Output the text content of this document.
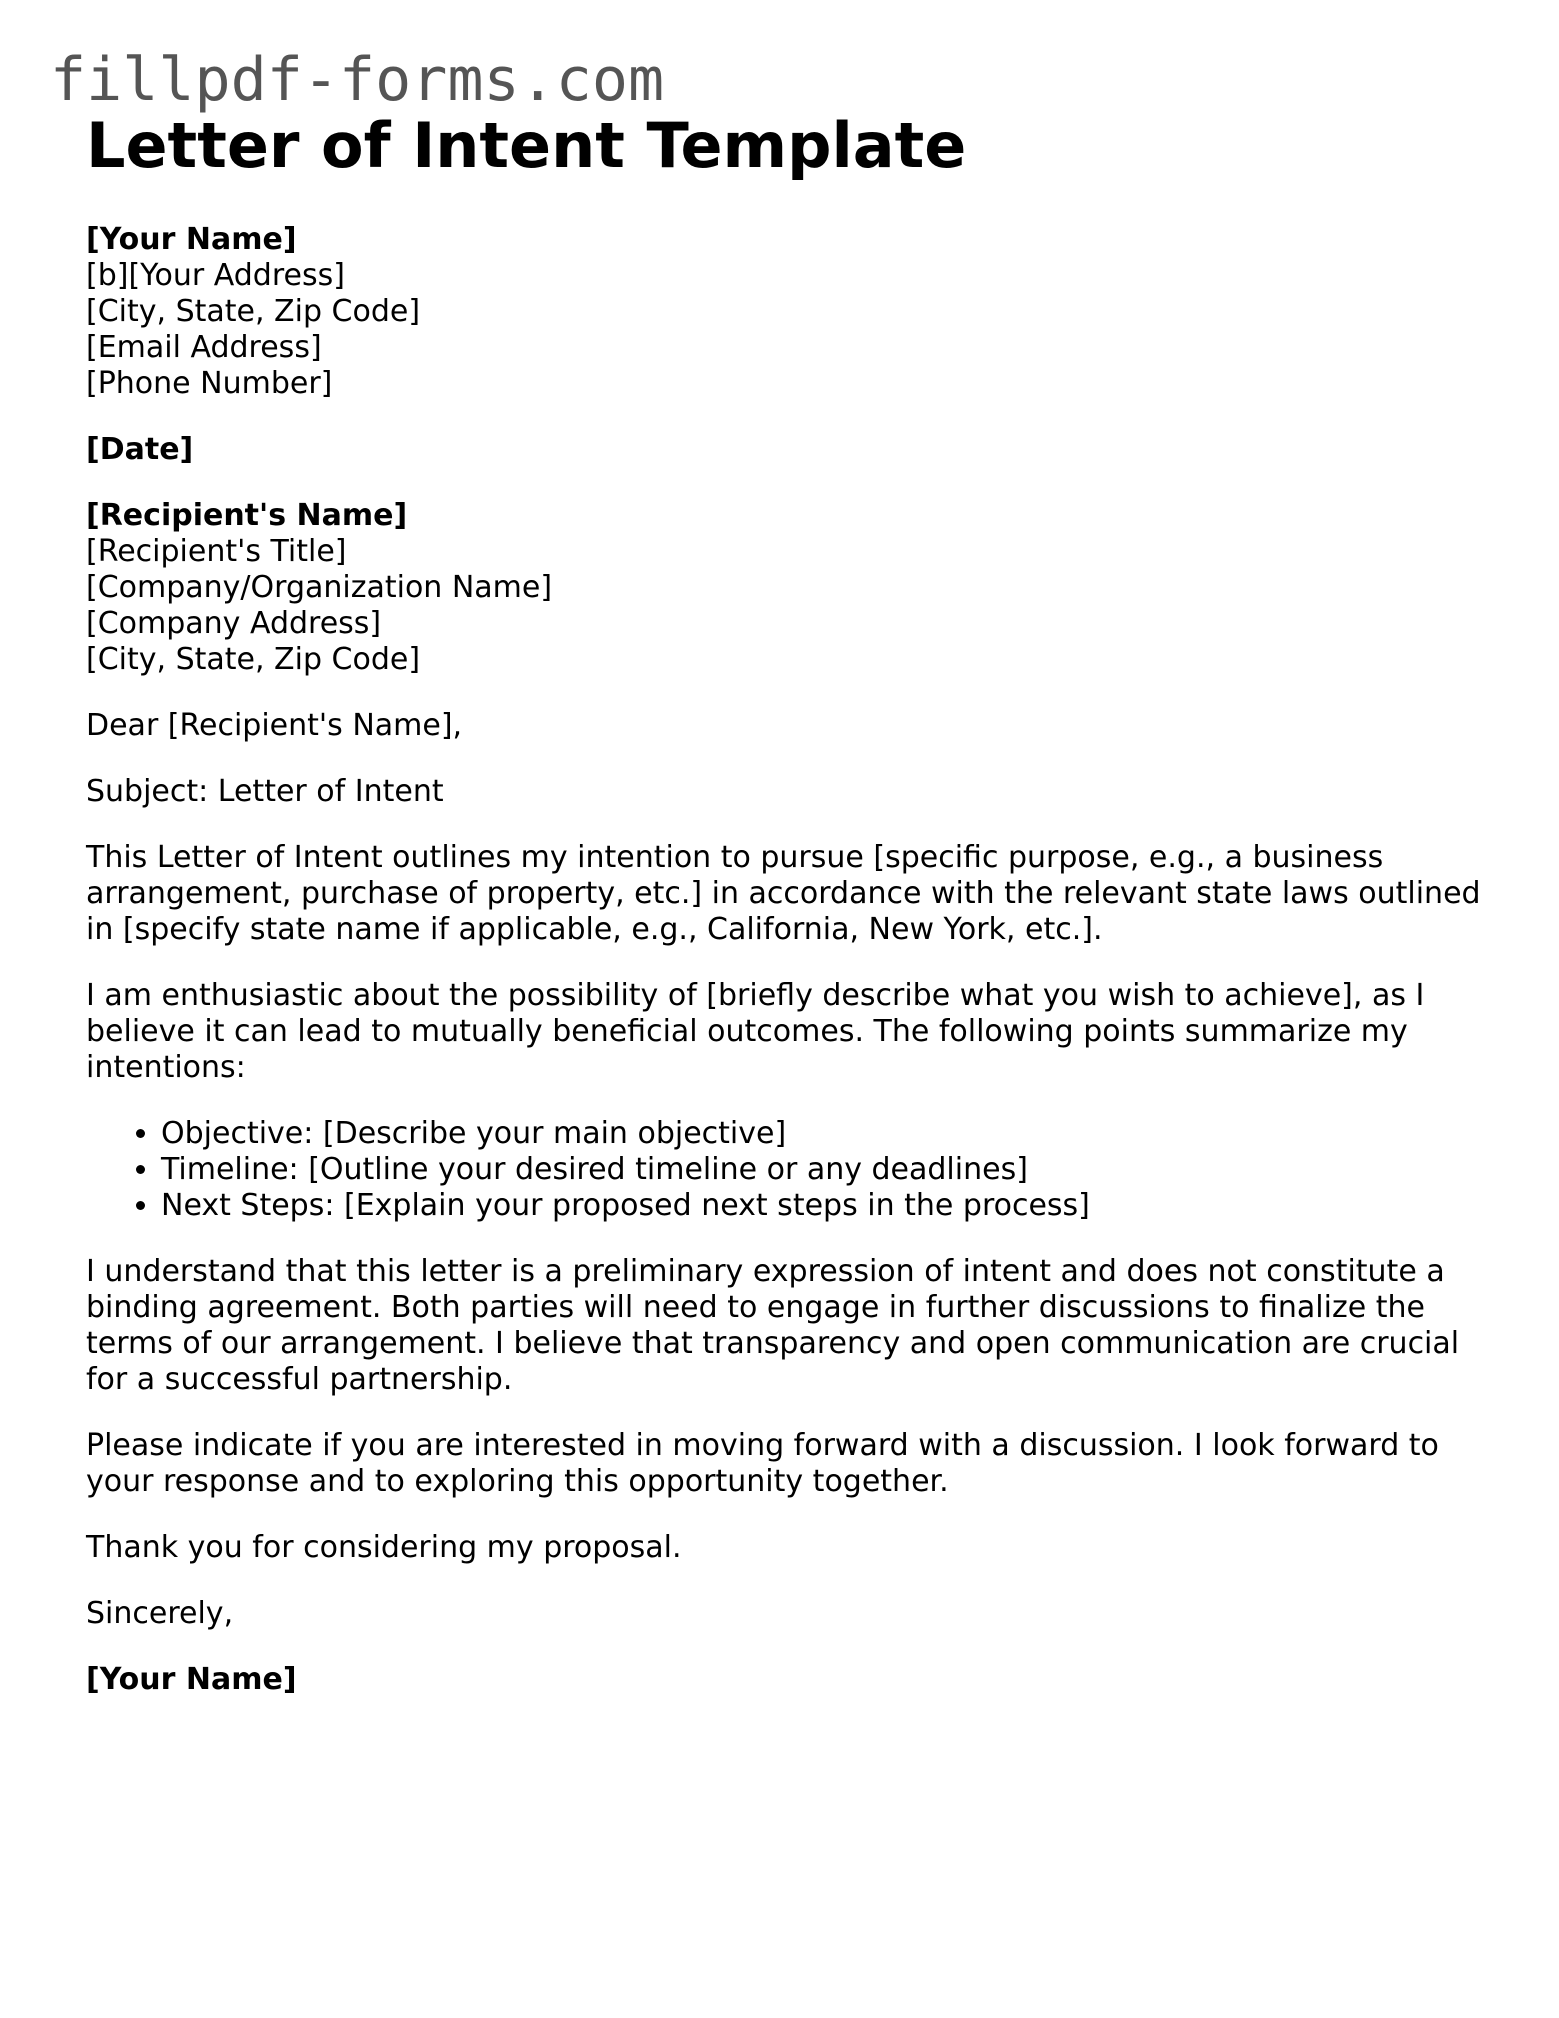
fillpdf-forms.com
Letter of Intent Template
[Your Name]
[b][Your Address]
[City, State, Zip Code]
[Email Address]
[Phone Number]

[Date]

[Recipient's Name]
[Recipient's Title]
[Company/Organization Name]
[Company Address]
[City, State, Zip Code]

Dear [Recipient's Name],

Subject: Letter of Intent

This Letter of Intent outlines my intention to pursue [specific purpose, e.g., a business arrangement, purchase of property, etc.] in accordance with the relevant state laws outlined in [specify state name if applicable, e.g., California, New York, etc.].

I am enthusiastic about the possibility of [briefly describe what you wish to achieve], as I believe it can lead to mutually beneficial outcomes. The following points summarize my intentions:

• Objective: [Describe your main objective]
• Timeline: [Outline your desired timeline or any deadlines]
• Next Steps: [Explain your proposed next steps in the process]

I understand that this letter is a preliminary expression of intent and does not constitute a binding agreement. Both parties will need to engage in further discussions to finalize the terms of our arrangement. I believe that transparency and open communication are crucial for a successful partnership.

Please indicate if you are interested in moving forward with a discussion. I look forward to your response and to exploring this opportunity together.

Thank you for considering my proposal.

Sincerely,

[Your Name]
